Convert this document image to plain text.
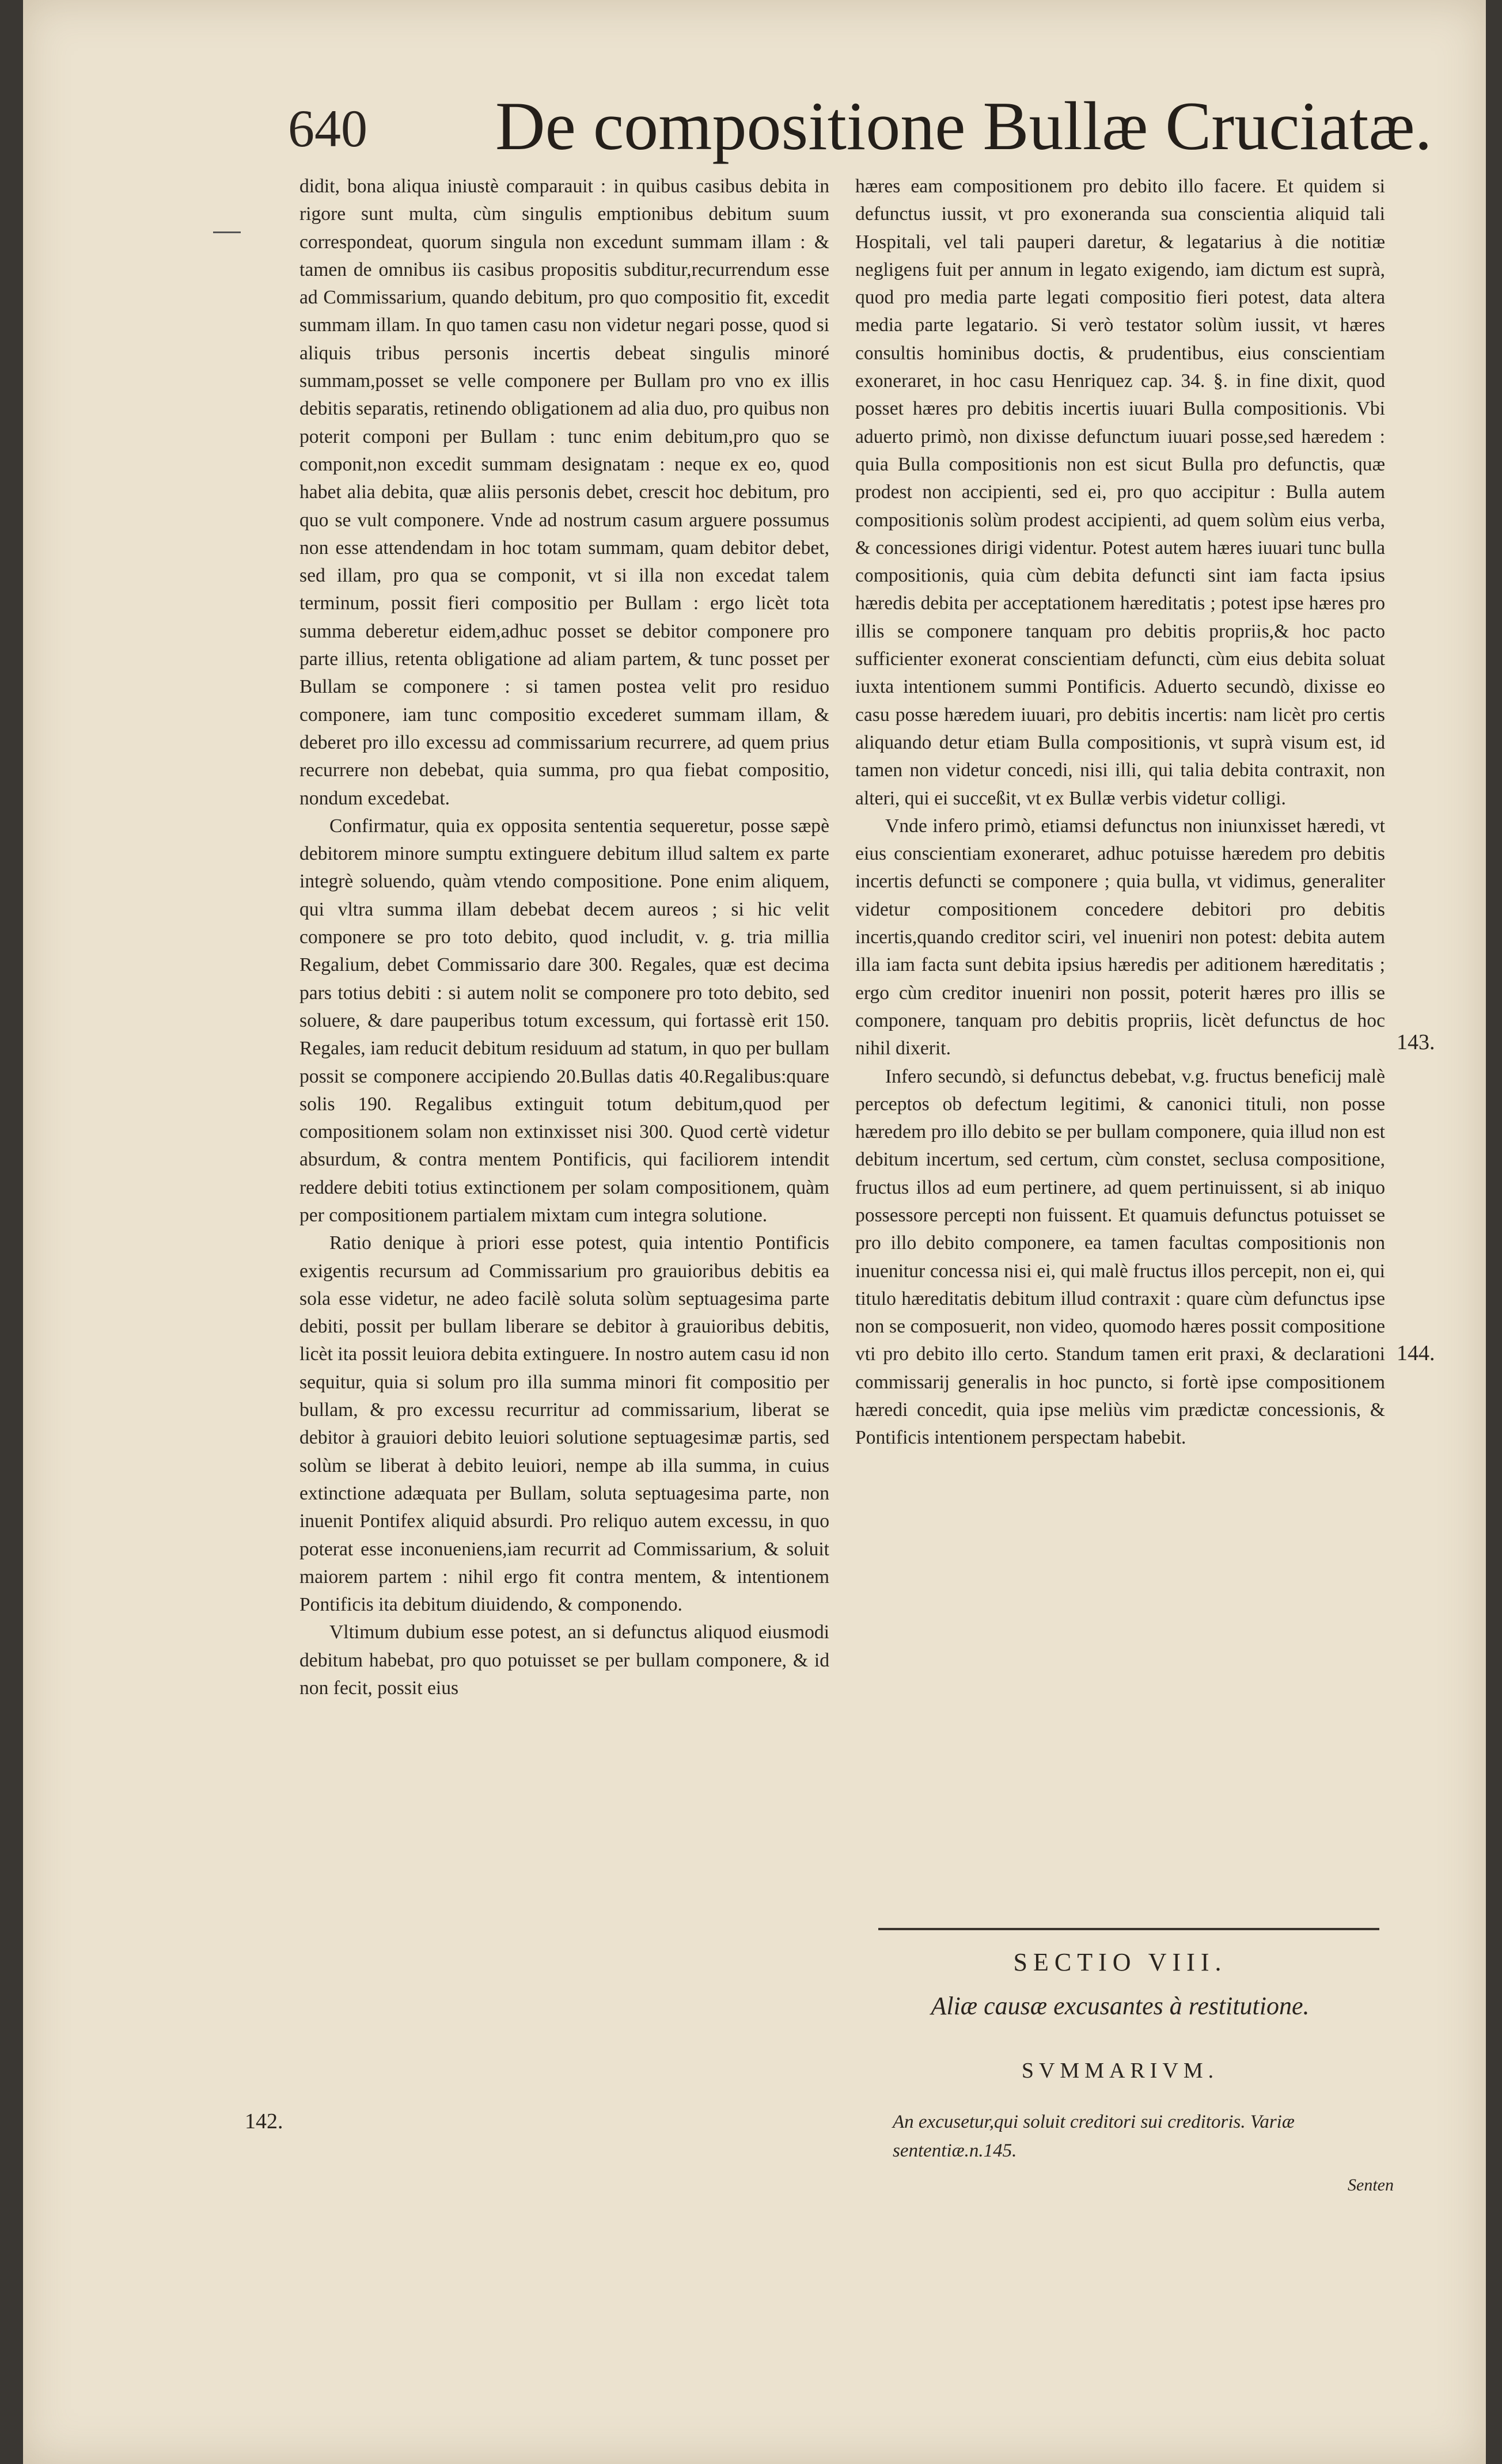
640 De compositione Bullæ Cruciatæ.

didit, bona aliqua iniustè comparauit : in quibus casibus debita in rigore sunt multa, cùm singulis emptionibus debitum suum correspondeat, quorum singula non excedunt summam illam : & tamen de omnibus iis casibus propositis subditur,recurrendum esse ad Commissarium, quando debitum, pro quo compositio fit, excedit summam illam. In quo tamen casu non videtur negari posse, quod si aliquis tribus personis incertis debeat singulis minoré summam,posset se velle componere per Bullam pro vno ex illis debitis separatis, retinendo obligationem ad alia duo, pro quibus non poterit componi per Bullam : tunc enim debitum,pro quo se componit,non excedit summam designatam : neque ex eo, quod habet alia debita, quæ aliis personis debet, crescit hoc debitum, pro quo se vult componere. Vnde ad nostrum casum arguere possumus non esse attendendam in hoc totam summam, quam debitor debet, sed illam, pro qua se componit, vt si illa non excedat talem terminum, possit fieri compositio per Bullam : ergo licèt tota summa deberetur eidem,adhuc posset se debitor componere pro parte illius, retenta obligatione ad aliam partem, & tunc posset per Bullam se componere : si tamen postea velit pro residuo componere, iam tunc compositio excederet summam illam, & deberet pro illo excessu ad commissarium recurrere, ad quem prius recurrere non debebat, quia summa, pro qua fiebat compositio, nondum excedebat.

Confirmatur, quia ex opposita sententia sequeretur, posse sæpè debitorem minore sumptu extinguere debitum illud saltem ex parte integrè soluendo, quàm vtendo compositione. Pone enim aliquem, qui vltra summa illam debebat decem aureos ; si hic velit componere se pro toto debito, quod includit, v. g. tria millia Regalium, debet Commissario dare 300. Regales, quæ est decima pars totius debiti : si autem nolit se componere pro toto debito, sed soluere, & dare pauperibus totum excessum, qui fortassè erit 150. Regales, iam reducit debitum residuum ad statum, in quo per bullam possit se componere accipiendo 20.Bullas datis 40.Regalibus:quare solis 190. Regalibus extinguit totum debitum,quod per compositionem solam non extinxisset nisi 300. Quod certè videtur absurdum, & contra mentem Pontificis, qui faciliorem intendit reddere debiti totius extinctionem per solam compositionem, quàm per compositionem partialem mixtam cum integra solutione.

Ratio denique à priori esse potest, quia intentio Pontificis exigentis recursum ad Commissarium pro grauioribus debitis ea sola esse videtur, ne adeo facilè soluta solùm septuagesima parte debiti, possit per bullam liberare se debitor à grauioribus debitis, licèt ita possit leuiora debita extinguere. In nostro autem casu id non sequitur, quia si solum pro illa summa minori fit compositio per bullam, & pro excessu recurritur ad commissarium, liberat se debitor à grauiori debito leuiori solutione septuagesimæ partis, sed solùm se liberat à debito leuiori, nempe ab illa summa, in cuius extinctione adæquata per Bullam, soluta septuagesima parte, non inuenit Pontifex aliquid absurdi. Pro reliquo autem excessu, in quo poterat esse inconueniens,iam recurrit ad Commissarium, & soluit maiorem partem : nihil ergo fit contra mentem, & intentionem Pontificis ita debitum diuidendo, & componendo.

Vltimum dubium esse potest, an si defunctus aliquod eiusmodi debitum habebat, pro quo potuisset se per bullam componere, & id non fecit, possit eius

hæres eam compositionem pro debito illo facere. Et quidem si defunctus iussit, vt pro exoneranda sua conscientia aliquid tali Hospitali, vel tali pauperi daretur, & legatarius à die notitiæ negligens fuit per annum in legato exigendo, iam dictum est suprà, quod pro media parte legati compositio fieri potest, data altera media parte legatario. Si verò testator solùm iussit, vt hæres consultis hominibus doctis, & prudentibus, eius conscientiam exoneraret, in hoc casu Henriquez cap. 34. §. in fine dixit, quod posset hæres pro debitis incertis iuuari Bulla compositionis. Vbi aduerto primò, non dixisse defunctum iuuari posse,sed hæredem : quia Bulla compositionis non est sicut Bulla pro defunctis, quæ prodest non accipienti, sed ei, pro quo accipitur : Bulla autem compositionis solùm prodest accipienti, ad quem solùm eius verba, & concessiones dirigi videntur. Potest autem hæres iuuari tunc bulla compositionis, quia cùm debita defuncti sint iam facta ipsius hæredis debita per acceptationem hæreditatis ; potest ipse hæres pro illis se componere tanquam pro debitis propriis,& hoc pacto sufficienter exonerat conscientiam defuncti, cùm eius debita soluat iuxta intentionem summi Pontificis. Aduerto secundò, dixisse eo casu posse hæredem iuuari, pro debitis incertis: nam licèt pro certis aliquando detur etiam Bulla compositionis, vt suprà visum est, id tamen non videtur concedi, nisi illi, qui talia debita contraxit, non alteri, qui ei succeßit, vt ex Bullæ verbis videtur colligi.

Vnde infero primò, etiamsi defunctus non iniunxisset hæredi, vt eius conscientiam exoneraret, adhuc potuisse hæredem pro debitis incertis defuncti se componere ; quia bulla, vt vidimus, generaliter videtur compositionem concedere debitori pro debitis incertis,quando creditor sciri, vel inueniri non potest: debita autem illa iam facta sunt debita ipsius hæredis per aditionem hæreditatis ; ergo cùm creditor inueniri non possit, poterit hæres pro illis se componere, tanquam pro debitis propriis, licèt defunctus de hoc nihil dixerit.

Infero secundò, si defunctus debebat, v.g. fructus beneficij malè perceptos ob defectum legitimi, & canonici tituli, non posse hæredem pro illo debito se per bullam componere, quia illud non est debitum incertum, sed certum, cùm constet, seclusa compositione, fructus illos ad eum pertinere, ad quem pertinuissent, si ab iniquo possessore percepti non fuissent. Et quamuis defunctus potuisset se pro illo debito componere, ea tamen facultas compositionis non inuenitur concessa nisi ei, qui malè fructus illos percepit, non ei, qui titulo hæreditatis debitum illud contraxit : quare cùm defunctus ipse non se composuerit, non video, quomodo hæres possit compositione vti pro debito illo certo. Standum tamen erit praxi, & declarationi commissarij generalis in hoc puncto, si fortè ipse compositionem hæredi concedit, quia ipse meliùs vim prædictæ concessionis, & Pontificis intentionem perspectam habebit.

142.
143.
144.
SECTIO VIII.
Aliæ causæ excusantes à restitutione.
SVMMARIVM.
An excusetur,qui soluit creditori sui creditoris. Variæ sententiæ.n.145.
Senten
